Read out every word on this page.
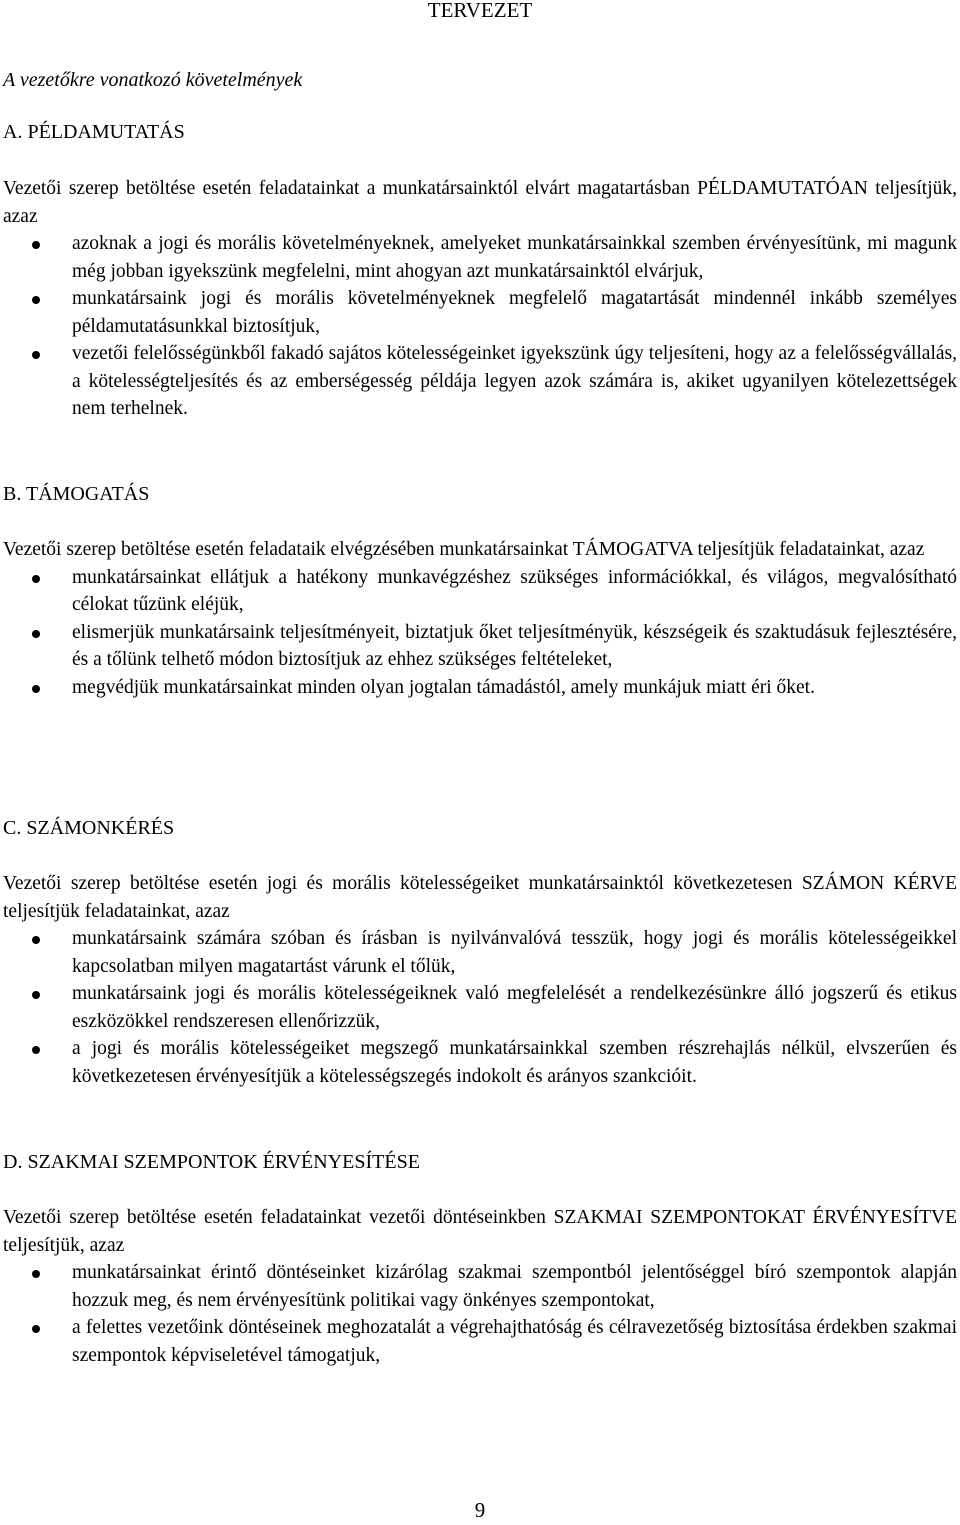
TERVEZET
A vezetőkre vonatkozó követelmények
A. PÉLDAMUTATÁS

Vezetői szerep betöltése esetén feladatainkat a munkatársainktól elvárt magatartásban PÉLDAMUTATÓAN teljesítjük, azaz

azoknak a jogi és morális követelményeknek, amelyeket munkatársainkkal szemben érvényesítünk, mi magunk még jobban igyekszünk megfelelni, mint ahogyan azt munkatársainktól elvárjuk,
munkatársaink jogi és morális követelményeknek megfelelő magatartását mindennél inkább személyes példamutatásunkkal biztosítjuk,
vezetői felelősségünkből fakadó sajátos kötelességeinket igyekszünk úgy teljesíteni, hogy az a felelősségvállalás, a kötelességteljesítés és az emberségesség példája legyen azok számára is, akiket ugyanilyen kötelezettségek nem terhelnek.
B. TÁMOGATÁS

Vezetői szerep betöltése esetén feladataik elvégzésében munkatársainkat TÁMOGATVA teljesítjük feladatainkat, azaz

munkatársainkat ellátjuk a hatékony munkavégzéshez szükséges információkkal, és világos, megvalósítható célokat tűzünk eléjük,
elismerjük munkatársaink teljesítményeit, biztatjuk őket teljesítményük, készségeik és szaktudásuk fejlesztésére, és a tőlünk telhető módon biztosítjuk az ehhez szükséges feltételeket,
megvédjük munkatársainkat minden olyan jogtalan támadástól, amely munkájuk miatt éri őket.
C. SZÁMONKÉRÉS

Vezetői szerep betöltése esetén jogi és morális kötelességeiket munkatársainktól következetesen SZÁMON KÉRVE teljesítjük feladatainkat, azaz

munkatársaink számára szóban és írásban is nyilvánvalóvá tesszük, hogy jogi és morális kötelességeikkel kapcsolatban milyen magatartást várunk el tőlük,
munkatársaink jogi és morális kötelességeiknek való megfelelését a rendelkezésünkre álló jogszerű és etikus eszközökkel rendszeresen ellenőrizzük,
a jogi és morális kötelességeiket megszegő munkatársainkkal szemben részrehajlás nélkül, elvszerűen és következetesen érvényesítjük a kötelességszegés indokolt és arányos szankcióit.
D. SZAKMAI SZEMPONTOK ÉRVÉNYESÍTÉSE

Vezetői szerep betöltése esetén feladatainkat vezetői döntéseinkben SZAKMAI SZEMPONTOKAT ÉRVÉNYESÍTVE teljesítjük, azaz

munkatársainkat érintő döntéseinket kizárólag szakmai szempontból jelentőséggel bíró szempontok alapján hozzuk meg, és nem érvényesítünk politikai vagy önkényes szempontokat,
a felettes vezetőink döntéseinek meghozatalát a végrehajthatóság és célravezetőség biztosítása érdekben szakmai szempontok képviseletével támogatjuk,
9
